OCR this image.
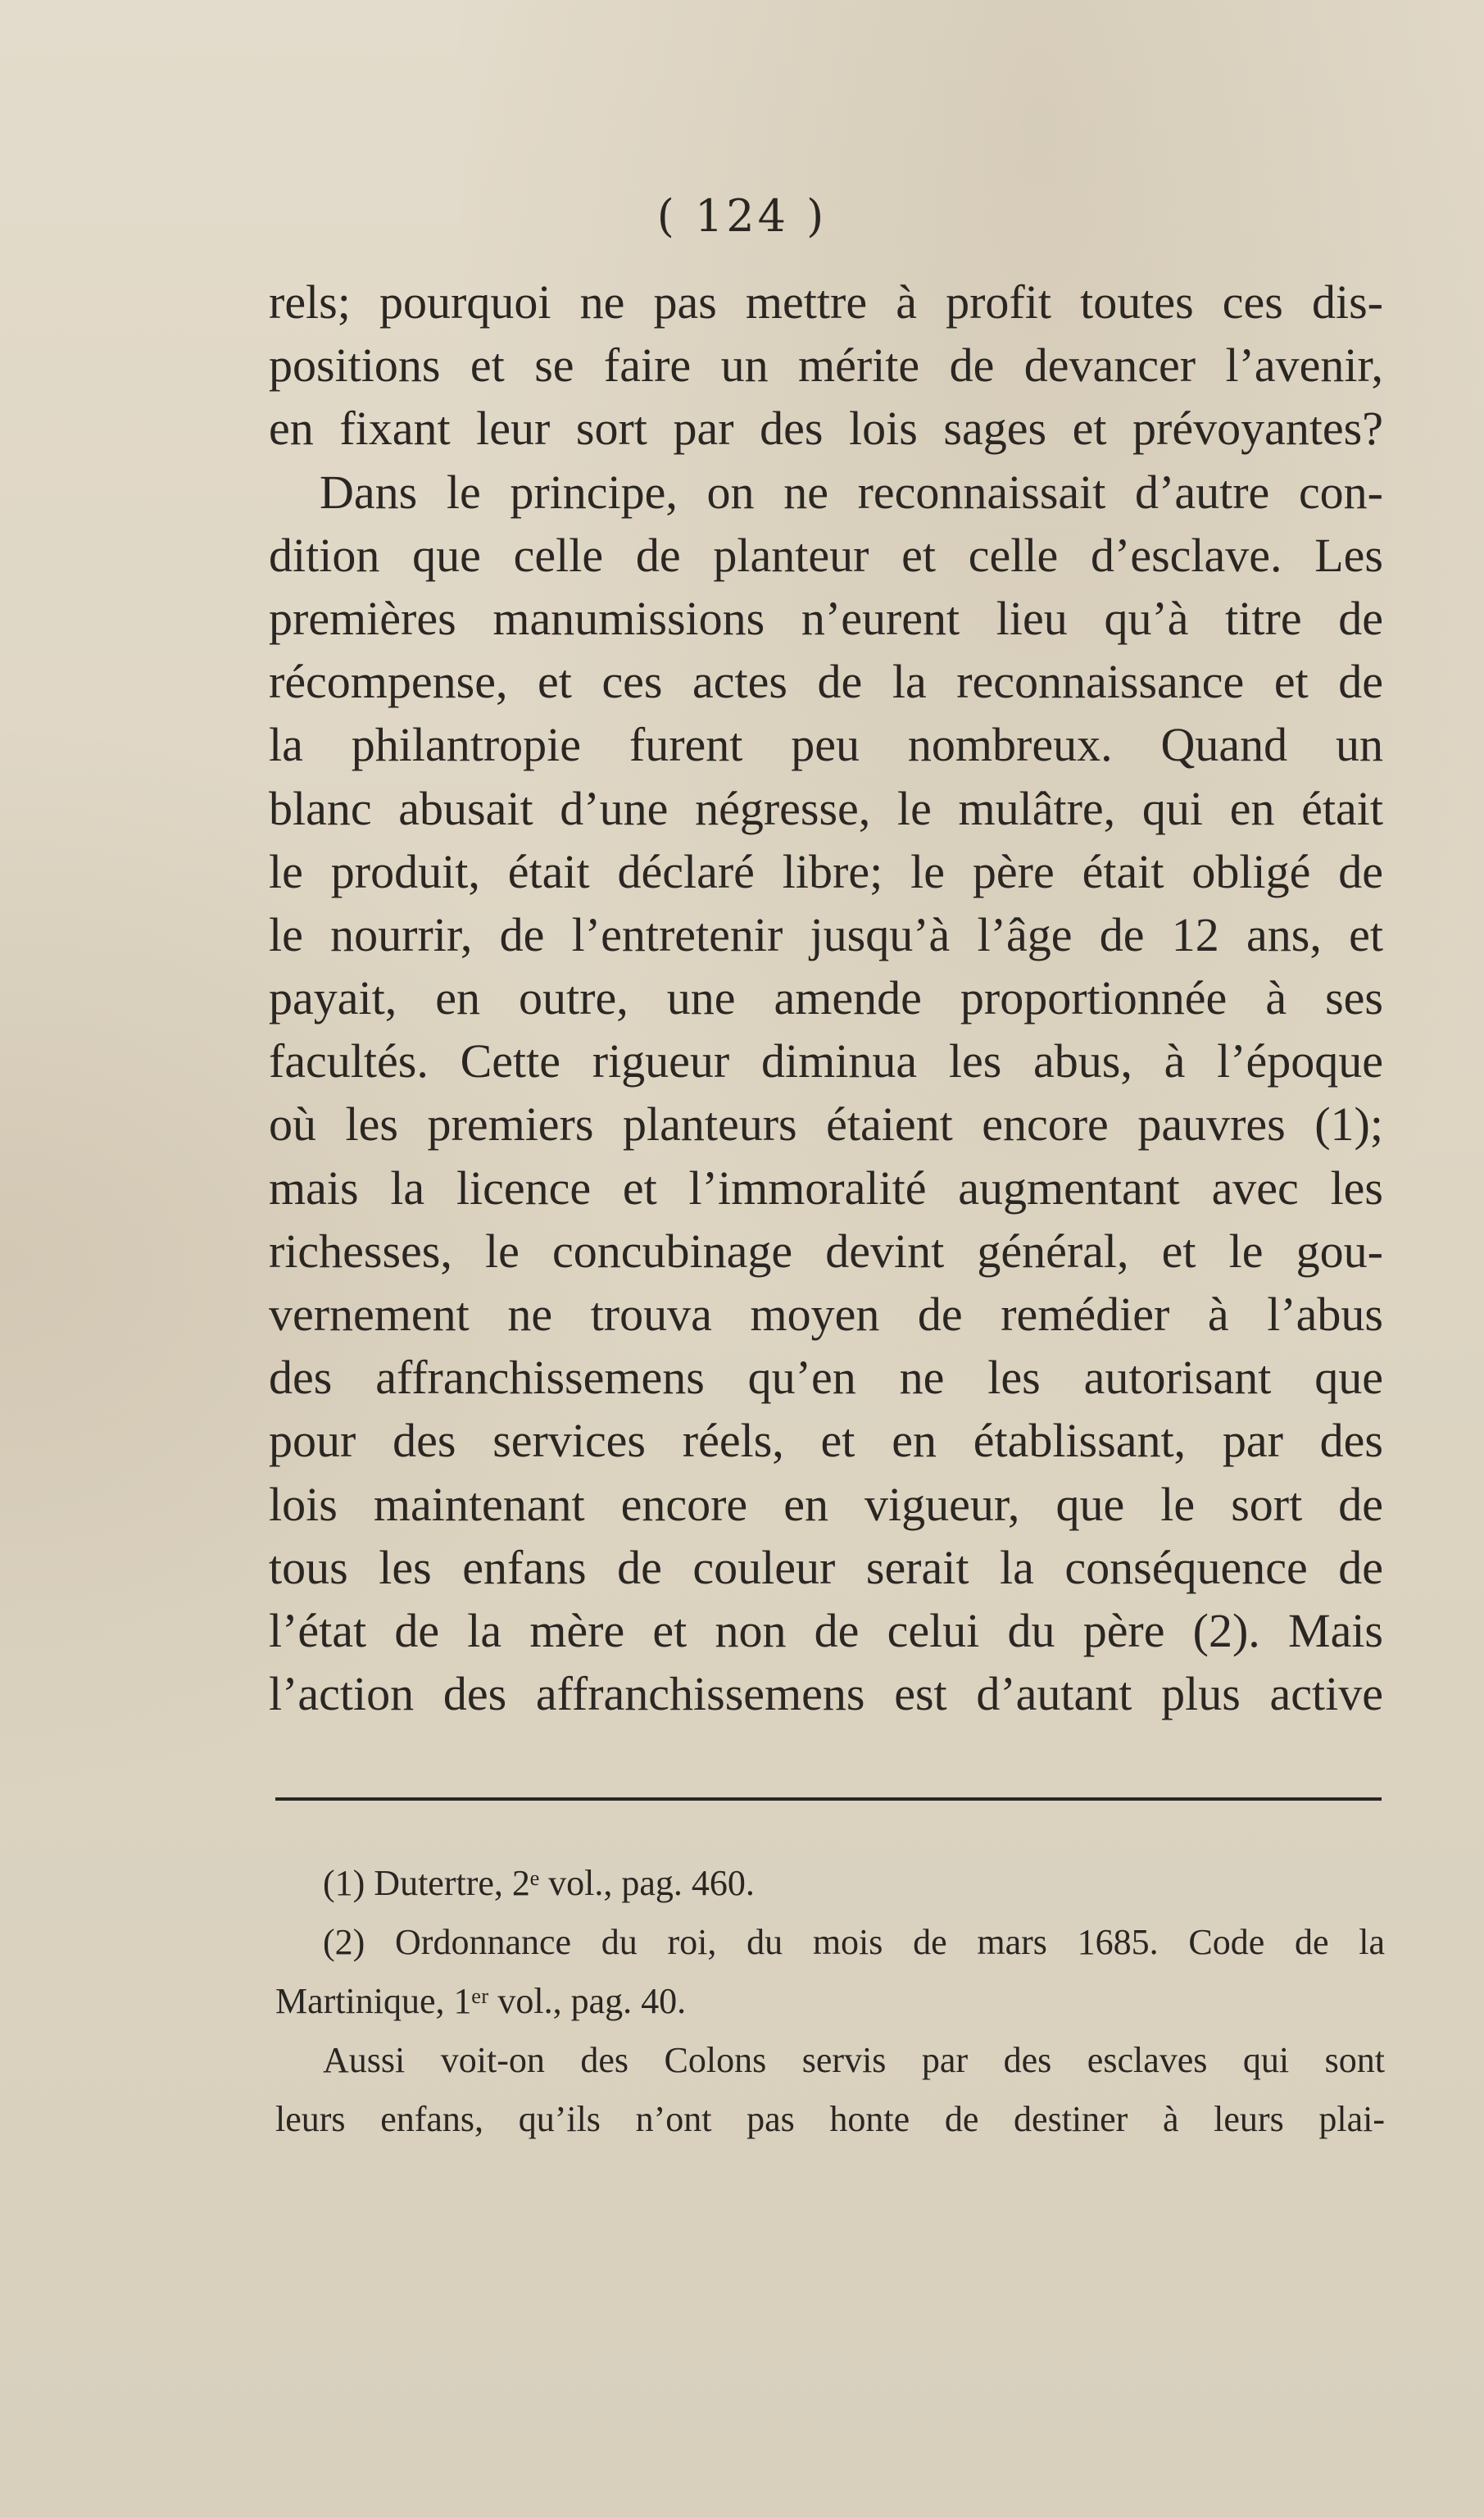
( 124 )
rels; pourquoi ne pas mettre à profit toutes ces dis-
positions et se faire un mérite de devancer l’avenir,
en fixant leur sort par des lois sages et prévoyantes?
Dans le principe, on ne reconnaissait d’autre con-
dition que celle de planteur et celle d’esclave. Les
premières manumissions n’eurent lieu qu’à titre de
récompense, et ces actes de la reconnaissance et de
la philantropie furent peu nombreux. Quand un
blanc abusait d’une négresse, le mulâtre, qui en était
le produit, était déclaré libre; le père était obligé de
le nourrir, de l’entretenir jusqu’à l’âge de 12 ans, et
payait, en outre, une amende proportionnée à ses
facultés. Cette rigueur diminua les abus, à l’époque
où les premiers planteurs étaient encore pauvres (1);
mais la licence et l’immoralité augmentant avec les
richesses, le concubinage devint général, et le gou-
vernement ne trouva moyen de remédier à l’abus
des affranchissemens qu’en ne les autorisant que
pour des services réels, et en établissant, par des
lois maintenant encore en vigueur, que le sort de
tous les enfans de couleur serait la conséquence de
l’état de la mère et non de celui du père (2). Mais
l’action des affranchissemens est d’autant plus active
(1) Dutertre, 2ᵉ vol., pag. 460.
(2) Ordonnance du roi, du mois de mars 1685. Code de la
Martinique, 1ᵉʳ vol., pag. 40.
Aussi voit-on des Colons servis par des esclaves qui sont
leurs enfans, qu’ils n’ont pas honte de destiner à leurs plai-
